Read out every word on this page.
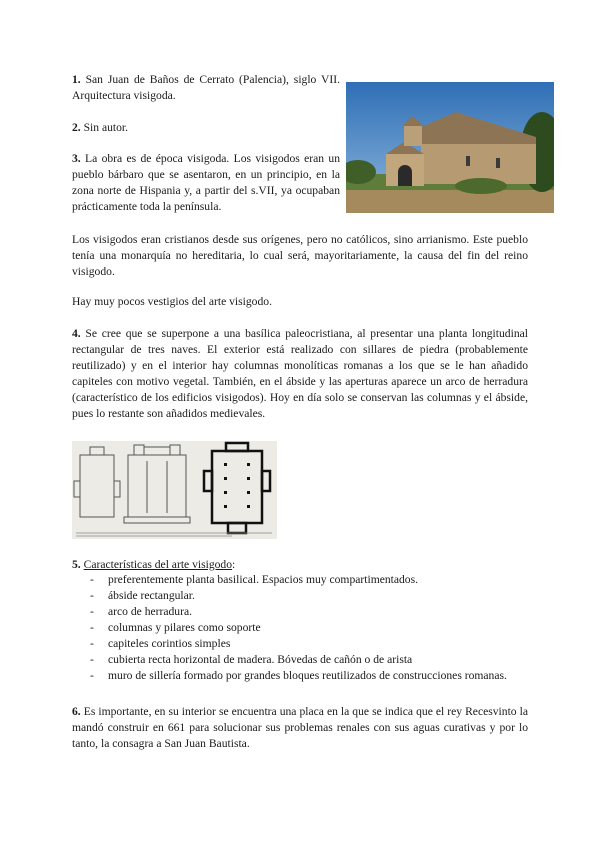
1. San Juan de Baños de Cerrato (Palencia), siglo VII. Arquitectura visigoda.
2. Sin autor.
3. La obra es de época visigoda. Los visigodos eran un pueblo bárbaro que se asentaron, en un principio, en la zona norte de Hispania y, a partir del s.VII, ya ocupaban prácticamente toda la península.
Los visigodos eran cristianos desde sus orígenes, pero no católicos, sino arrianismo. Este pueblo tenía una monarquía no hereditaria, lo cual será, mayoritariamente, la causa del fin del reino visigodo.
Hay muy pocos vestigios del arte visigodo.
4. Se cree que se superpone a una basílica paleocristiana, al presentar una planta longitudinal rectangular de tres naves. El exterior está realizado con sillares de piedra (probablemente reutilizado) y en el interior hay columnas monolíticas romanas a los que se le han añadido capiteles con motivo vegetal. También, en el ábside y las aperturas aparece un arco de herradura (característico de los edificios visigodos). Hoy en día solo se conservan las columnas y el ábside, pues lo restante son añadidos medievales.
5. Características del arte visigodo:
- preferentemente planta basilical. Espacios muy compartimentados.
- ábside rectangular.
- arco de herradura.
- columnas y pilares como soporte
- capiteles corintios simples
- cubierta recta horizontal de madera. Bóvedas de cañón o de arista
- muro de sillería formado por grandes bloques reutilizados de construcciones romanas.
6. Es importante, en su interior se encuentra una placa en la que se indica que el rey Recesvinto la mandó construir en 661 para solucionar sus problemas renales con sus aguas curativas y por lo tanto, la consagra a San Juan Bautista.
